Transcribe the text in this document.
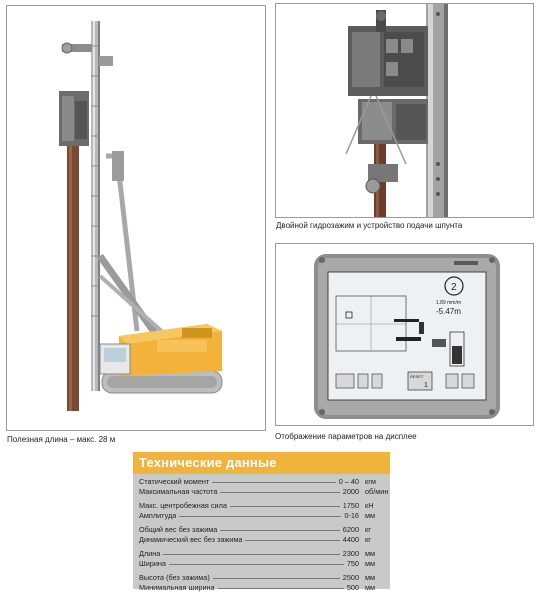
2
1.89 mm/m
-5.47m
RESET
1
Полезная длина – макс. 28 м
Двойной гидрозажим и устройство подачи шпунта
Отображение параметров на дисплее
Технические данные
Статический момент	0 – 40 кгм
Максимальная частота	2000 об/мин
Макс. центробежная сила	1750 кН
Амплитуда	0-16 мм
Общий вес без зажима	6200 кг
Динамический вес без зажима	4400 кг
Длина	2300 мм
Ширина	750 мм
Высота (без зажима)	2500 мм
Минимальная ширина	500 мм
